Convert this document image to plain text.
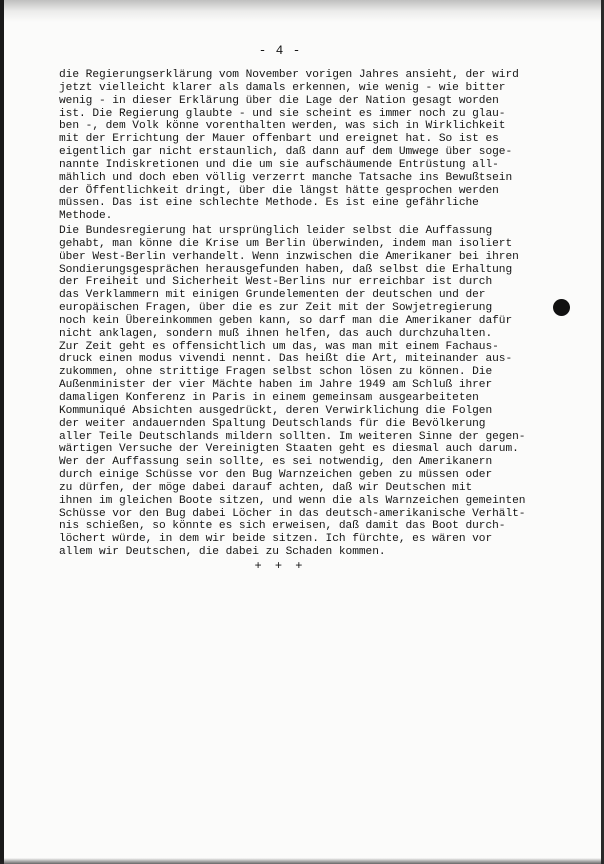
- 4 -
die Regierungserklärung vom November vorigen Jahres ansieht, der wird
jetzt vielleicht klarer als damals erkennen, wie wenig - wie bitter
wenig - in dieser Erklärung über die Lage der Nation gesagt worden
ist. Die Regierung glaubte - und sie scheint es immer noch zu glau-
ben -, dem Volk könne vorenthalten werden, was sich in Wirklichkeit
mit der Errichtung der Mauer offenbart und ereignet hat. So ist es
eigentlich gar nicht erstaunlich, daß dann auf dem Umwege über soge-
nannte Indiskretionen und die um sie aufschäumende Entrüstung all-
mählich und doch eben völlig verzerrt manche Tatsache ins Bewußtsein
der Öffentlichkeit dringt, über die längst hätte gesprochen werden
müssen. Das ist eine schlechte Methode. Es ist eine gefährliche
Methode.
Die Bundesregierung hat ursprünglich leider selbst die Auffassung
gehabt, man könne die Krise um Berlin überwinden, indem man isoliert
über West-Berlin verhandelt. Wenn inzwischen die Amerikaner bei ihren
Sondierungsgesprächen herausgefunden haben, daß selbst die Erhaltung
der Freiheit und Sicherheit West-Berlins nur erreichbar ist durch
das Verklammern mit einigen Grundelementen der deutschen und der
europäischen Fragen, über die es zur Zeit mit der Sowjetregierung
noch kein Übereinkommen geben kann, so darf man die Amerikaner dafür
nicht anklagen, sondern muß ihnen helfen, das auch durchzuhalten.
Zur Zeit geht es offensichtlich um das, was man mit einem Fachaus-
druck einen modus vivendi nennt. Das heißt die Art, miteinander aus-
zukommen, ohne strittige Fragen selbst schon lösen zu können. Die
Außenminister der vier Mächte haben im Jahre 1949 am Schluß ihrer
damaligen Konferenz in Paris in einem gemeinsam ausgearbeiteten
Kommuniqué Absichten ausgedrückt, deren Verwirklichung die Folgen
der weiter andauernden Spaltung Deutschlands für die Bevölkerung
aller Teile Deutschlands mildern sollten. Im weiteren Sinne der gegen-
wärtigen Versuche der Vereinigten Staaten geht es diesmal auch darum.
Wer der Auffassung sein sollte, es sei notwendig, den Amerikanern
durch einige Schüsse vor den Bug Warnzeichen geben zu müssen oder
zu dürfen, der möge dabei darauf achten, daß wir Deutschen mit
ihnen im gleichen Boote sitzen, und wenn die als Warnzeichen gemeinten
Schüsse vor den Bug dabei Löcher in das deutsch-amerikanische Verhält-
nis schießen, so könnte es sich erweisen, daß damit das Boot durch-
löchert würde, in dem wir beide sitzen. Ich fürchte, es wären vor
allem wir Deutschen, die dabei zu Schaden kommen.
+ + +
